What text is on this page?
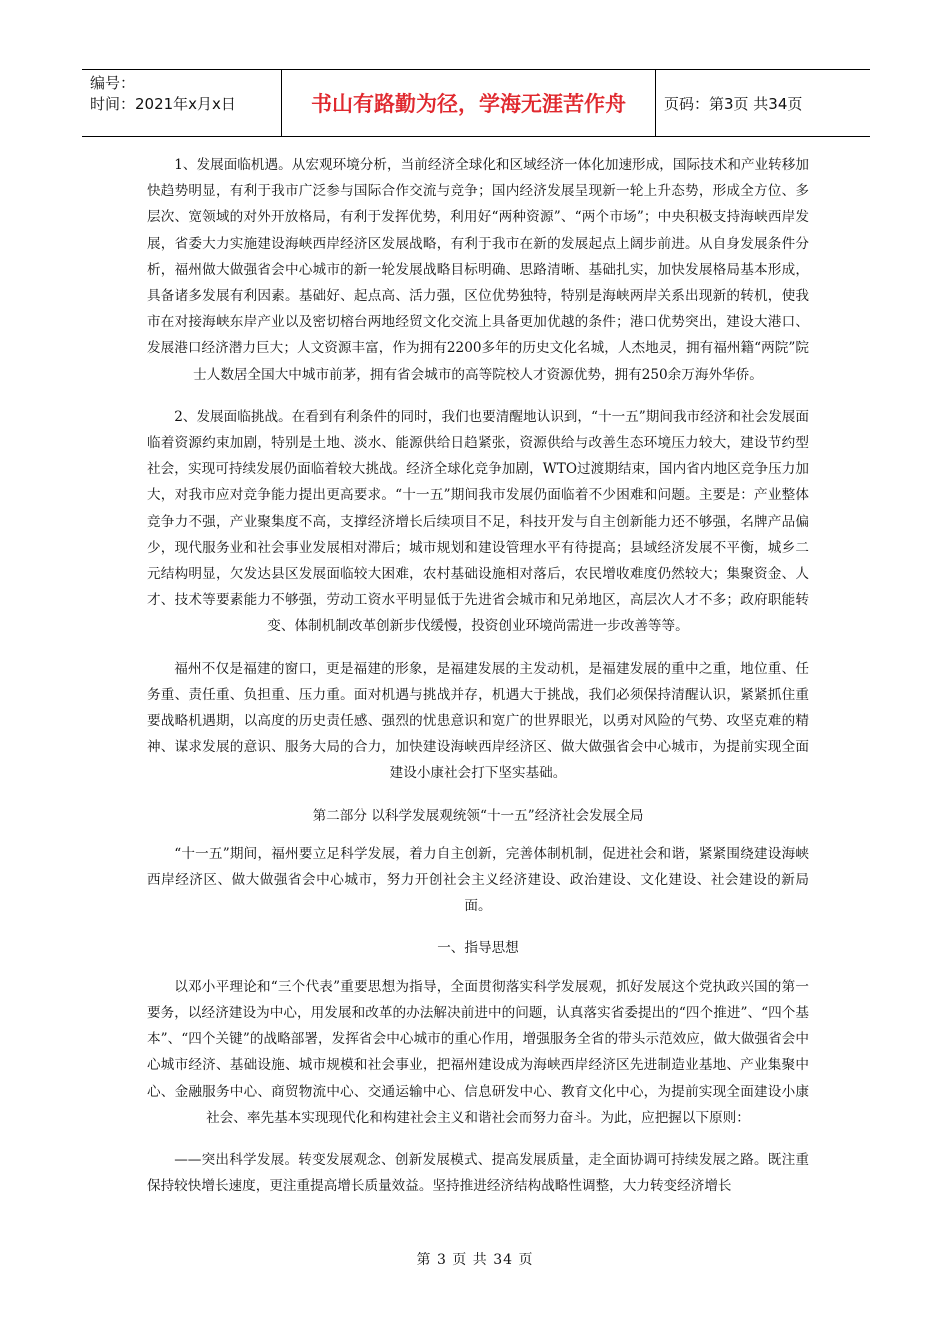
编号：
时间：2021年x月x日	书山有路勤为径，学海无涯苦作舟	页码：第3页 共34页

1、发展面临机遇。从宏观环境分析，当前经济全球化和区域经济一体化加速形成，国际技术和产业转移加快趋势明显，有利于我市广泛参与国际合作交流与竞争；国内经济发展呈现新一轮上升态势，形成全方位、多层次、宽领域的对外开放格局，有利于发挥优势，利用好“两种资源”、“两个市场”；中央积极支持海峡西岸发展，省委大力实施建设海峡西岸经济区发展战略，有利于我市在新的发展起点上阔步前进。从自身发展条件分析，福州做大做强省会中心城市的新一轮发展战略目标明确、思路清晰、基础扎实，加快发展格局基本形成，具备诸多发展有利因素。基础好、起点高、活力强，区位优势独特，特别是海峡两岸关系出现新的转机，使我市在对接海峡东岸产业以及密切榕台两地经贸文化交流上具备更加优越的条件；港口优势突出，建设大港口、发展港口经济潜力巨大；人文资源丰富，作为拥有2200多年的历史文化名城，人杰地灵，拥有福州籍“两院”院士人数居全国大中城市前茅，拥有省会城市的高等院校人才资源优势，拥有250余万海外华侨。

2、发展面临挑战。在看到有利条件的同时，我们也要清醒地认识到，“十一五”期间我市经济和社会发展面临着资源约束加剧，特别是土地、淡水、能源供给日趋紧张，资源供给与改善生态环境压力较大，建设节约型社会，实现可持续发展仍面临着较大挑战。经济全球化竞争加剧，WTO过渡期结束，国内省内地区竞争压力加大，对我市应对竞争能力提出更高要求。“十一五”期间我市发展仍面临着不少困难和问题。主要是：产业整体竞争力不强，产业聚集度不高，支撑经济增长后续项目不足，科技开发与自主创新能力还不够强，名牌产品偏少，现代服务业和社会事业发展相对滞后；城市规划和建设管理水平有待提高；县域经济发展不平衡，城乡二元结构明显，欠发达县区发展面临较大困难，农村基础设施相对落后，农民增收难度仍然较大；集聚资金、人才、技术等要素能力不够强，劳动工资水平明显低于先进省会城市和兄弟地区，高层次人才不多；政府职能转变、体制机制改革创新步伐缓慢，投资创业环境尚需进一步改善等等。

福州不仅是福建的窗口，更是福建的形象，是福建发展的主发动机，是福建发展的重中之重，地位重、任务重、责任重、负担重、压力重。面对机遇与挑战并存，机遇大于挑战，我们必须保持清醒认识，紧紧抓住重要战略机遇期，以高度的历史责任感、强烈的忧患意识和宽广的世界眼光，以勇对风险的气势、攻坚克难的精神、谋求发展的意识、服务大局的合力，加快建设海峡西岸经济区、做大做强省会中心城市，为提前实现全面建设小康社会打下坚实基础。

第二部分 以科学发展观统领“十一五”经济社会发展全局

“十一五”期间，福州要立足科学发展，着力自主创新，完善体制机制，促进社会和谐，紧紧围绕建设海峡西岸经济区、做大做强省会中心城市，努力开创社会主义经济建设、政治建设、文化建设、社会建设的新局面。

一、指导思想

以邓小平理论和“三个代表”重要思想为指导，全面贯彻落实科学发展观，抓好发展这个党执政兴国的第一要务，以经济建设为中心，用发展和改革的办法解决前进中的问题，认真落实省委提出的“四个推进”、“四个基本”、“四个关键”的战略部署，发挥省会中心城市的重心作用，增强服务全省的带头示范效应，做大做强省会中心城市经济、基础设施、城市规模和社会事业，把福州建设成为海峡西岸经济区先进制造业基地、产业集聚中心、金融服务中心、商贸物流中心、交通运输中心、信息研发中心、教育文化中心，为提前实现全面建设小康社会、率先基本实现现代化和构建社会主义和谐社会而努力奋斗。为此，应把握以下原则：

——突出科学发展。转变发展观念、创新发展模式、提高发展质量，走全面协调可持续发展之路。既注重保持较快增长速度，更注重提高增长质量效益。坚持推进经济结构战略性调整，大力转变经济增长

第 3 页 共 34 页
